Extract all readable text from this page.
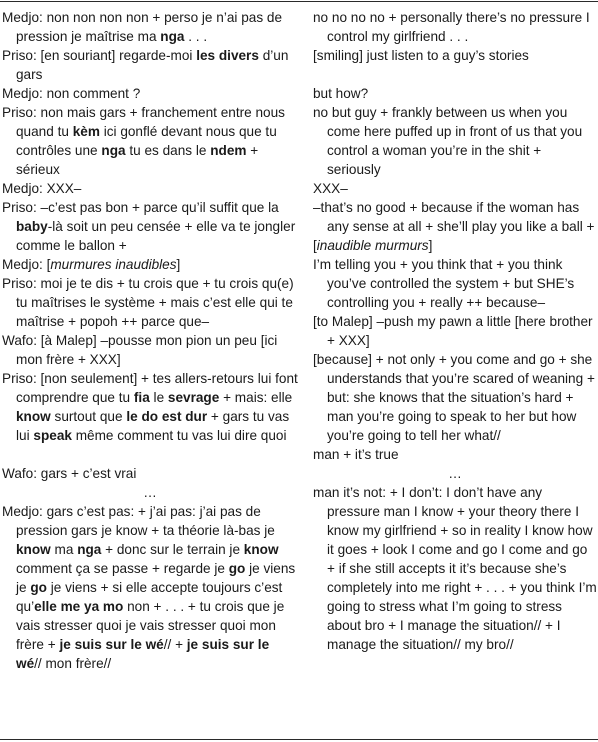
Medjo: non non non non + perso je n’ai pas de pression je maîtrise ma nga . . .
Priso: [en souriant] regarde-moi les divers d’un gars
Medjo: non comment ?
Priso: non mais gars + franchement entre nous quand tu kèm ici gonflé devant nous que tu contrôles une nga tu es dans le ndem + sérieux
Medjo: XXX–
Priso: –c’est pas bon + parce qu’il suffit que la baby-là soit un peu censée + elle va te jongler comme le ballon +
Medjo: [murmures inaudibles]
Priso: moi je te dis + tu crois que + tu crois qu(e) tu maîtrises le système + mais c’est elle qui te maîtrise + popoh ++ parce que–
Wafo: [à Malep] –pousse mon pion un peu [ici mon frère + XXX]
Priso: [non seulement] + tes allers-retours lui font comprendre que tu fia le sevrage + mais: elle know surtout que le do est dur + gars tu vas lui speak même comment tu vas lui dire quoi
Wafo: gars + c’est vrai
…
Medjo: gars c’est pas: + j’ai pas: j’ai pas de pression gars je know + ta théorie là-bas je know ma nga + donc sur le terrain je know comment ça se passe + regarde je go je viens je go je viens + si elle accepte toujours c’est qu’elle me ya mo non + . . . + tu crois que je vais stresser quoi je vais stresser quoi mon frère + je suis sur le wé// + je suis sur le wé// mon frère//
no no no no + personally there’s no pressure I control my girlfriend . . .
[smiling] just listen to a guy’s stories
but how?
no but guy + frankly between us when you come here puffed up in front of us that you control a woman you’re in the shit + seriously
XXX–
–that’s no good + because if the woman has any sense at all + she’ll play you like a ball +
[inaudible murmurs]
I’m telling you + you think that + you think you’ve controlled the system + but SHE’s controlling you + really ++ because–
[to Malep] –push my pawn a little [here brother + XXX]
[because] + not only + you come and go + she understands that you’re scared of weaning + but: she knows that the situation’s hard + man you’re going to speak to her but how you’re going to tell her what//
man + it’s true
…
man it’s not: + I don’t: I don’t have any pressure man I know + your theory there I know my girlfriend + so in reality I know how it goes + look I come and go I come and go + if she still accepts it it’s because she’s completely into me right + . . . + you think I’m going to stress what I’m going to stress about bro + I manage the situation// + I manage the situation// my bro//
